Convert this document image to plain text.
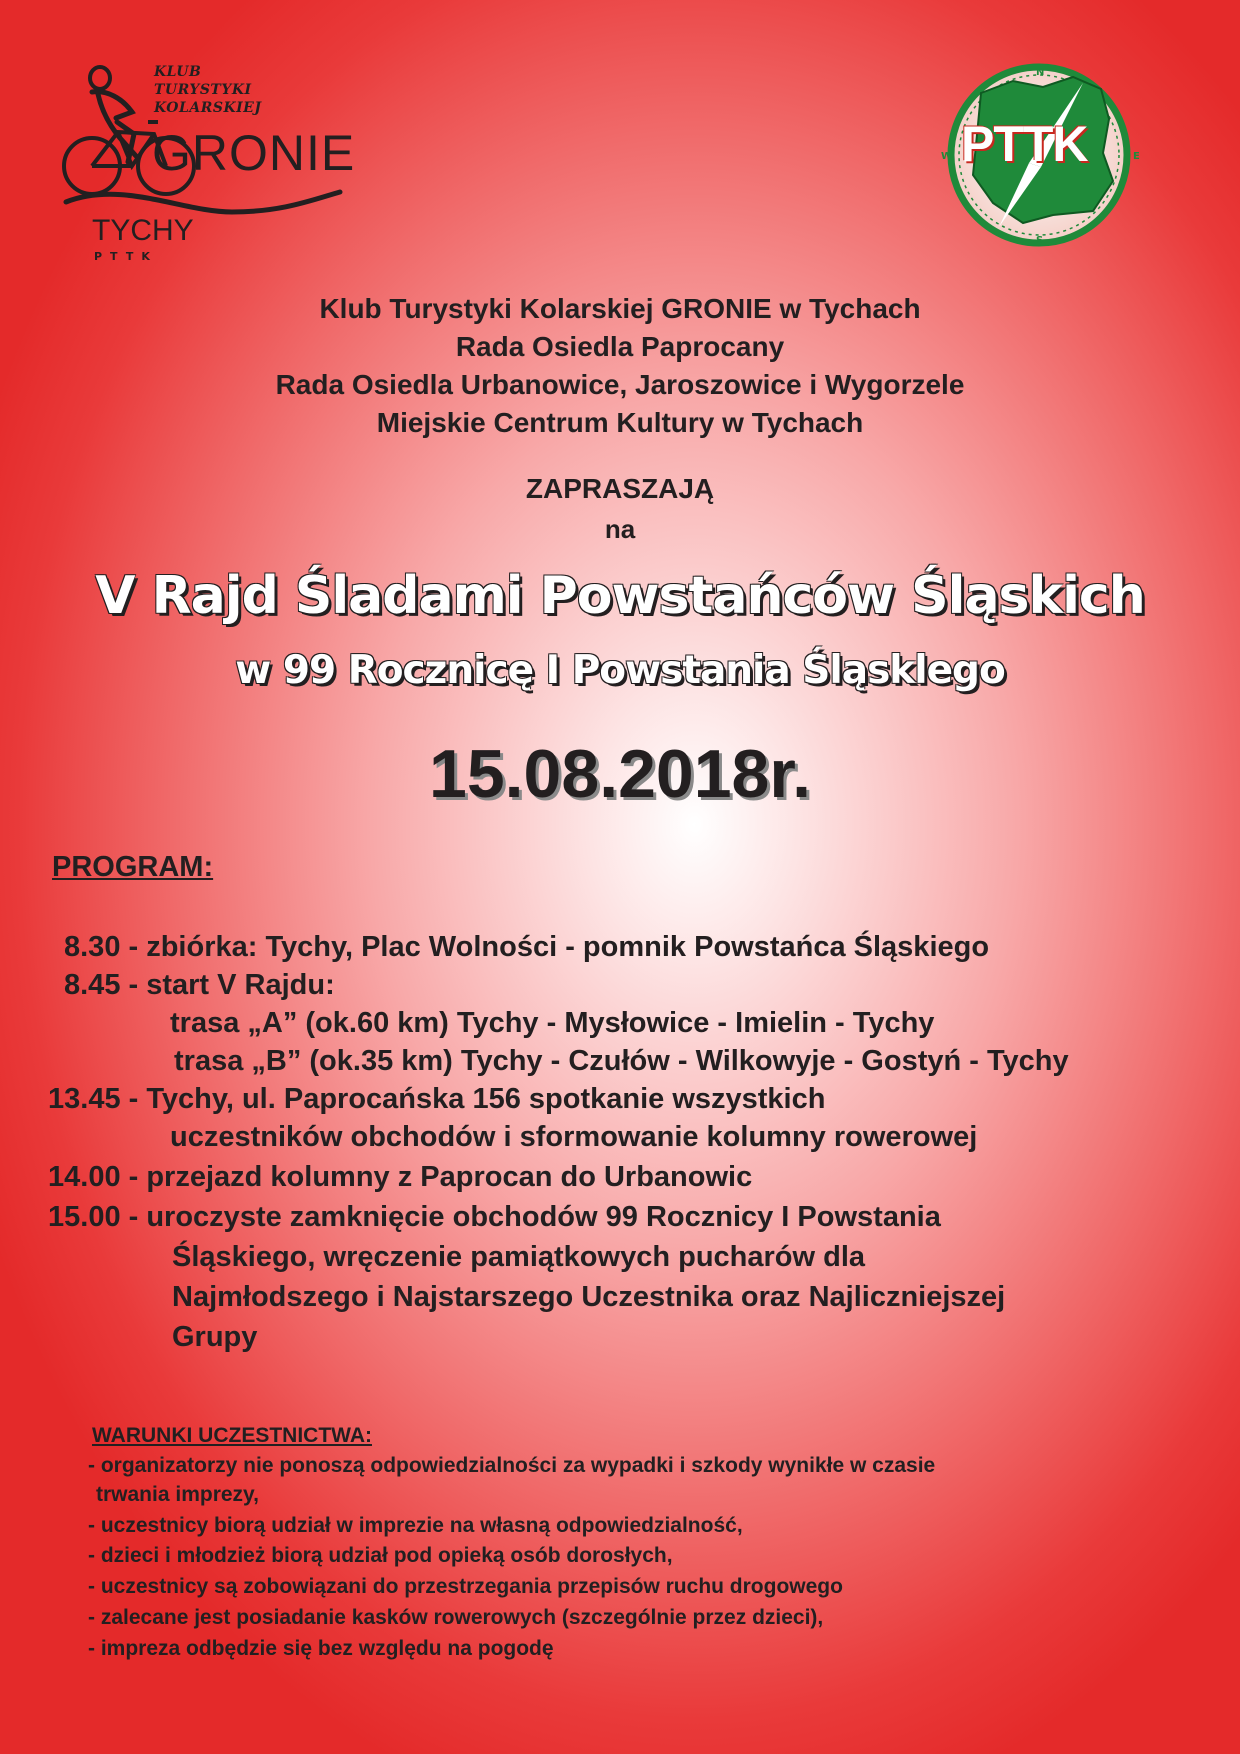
KLUB
TURYSTYKI
KOLARSKIEJ
GRONIE
TYCHY
PTTK
N
E
S
W PTTK
Klub Turystyki Kolarskiej GRONIE w Tychach
Rada Osiedla Paprocany
Rada Osiedla Urbanowice, Jaroszowice i Wygorzele
Miejskie Centrum Kultury w Tychach
ZAPRASZAJĄ
na
V Rajd Śladami Powstańców Śląskich
w 99 Rocznicę I Powstania Śląsklego
15.08.2018r.
PROGRAM:
8.30 - zbiórka: Tychy, Plac Wolności - pomnik Powstańca Śląskiego
8.45 - start V Rajdu:
trasa „A” (ok.60 km) Tychy - Mysłowice - Imielin - Tychy
trasa „B” (ok.35 km) Tychy - Czułów - Wilkowyje - Gostyń - Tychy
13.45 - Tychy, ul. Paprocańska 156 spotkanie wszystkich
uczestników obchodów i sformowanie kolumny rowerowej
14.00 - przejazd kolumny z Paprocan do Urbanowic
15.00 - uroczyste zamknięcie obchodów 99 Rocznicy I Powstania
Śląskiego, wręczenie pamiątkowych pucharów dla
Najmłodszego i Najstarszego Uczestnika oraz Najliczniejszej
Grupy
WARUNKI UCZESTNICTWA:
- organizatorzy nie ponoszą odpowiedzialności za wypadki i szkody wynikłe w czasie
trwania imprezy,
- uczestnicy biorą udział w imprezie na własną odpowiedzialność,
- dzieci i młodzież biorą udział pod opieką osób dorosłych,
- uczestnicy są zobowiązani do przestrzegania przepisów ruchu drogowego
- zalecane jest posiadanie kasków rowerowych (szczególnie przez dzieci),
- impreza odbędzie się bez względu na pogodę
